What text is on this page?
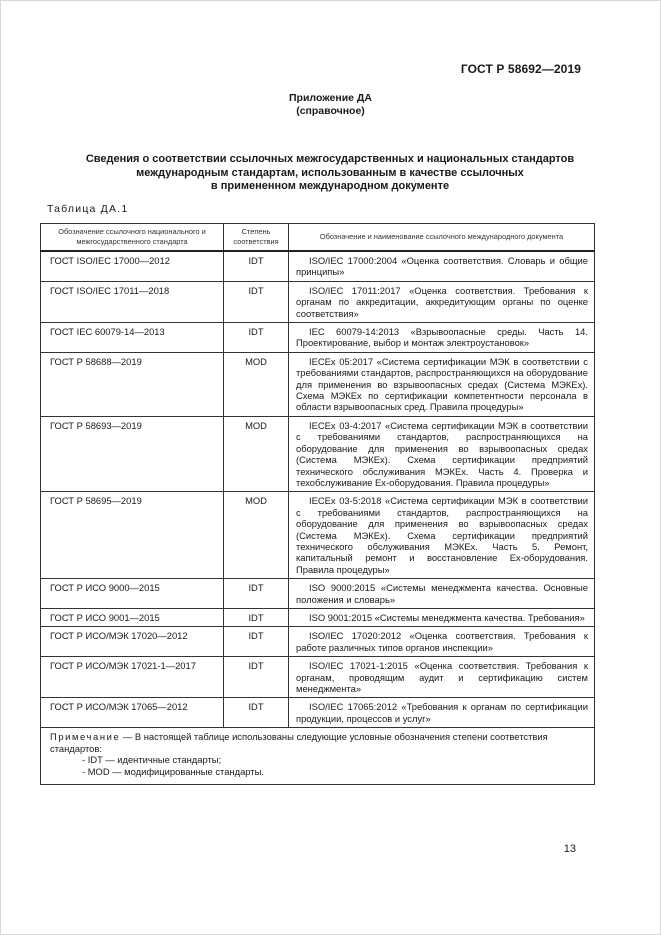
ГОСТ Р 58692—2019
Приложение ДА
(справочное)
Сведения о соответствии ссылочных межгосударственных и национальных стандартов
международным стандартам, использованным в качестве ссылочных
в примененном международном документе
Таблица ДА.1
Обозначение ссылочного национального и межгосударственного стандарта	Степень соответствия	Обозначение и наименование ссылочного международного документа
ГОСТ ISO/IEC 17000—2012	IDT	ISO/IEC 17000:2004 «Оценка соответствия. Словарь и общие принципы»

ГОСТ ISO/IEC 17011—2018	IDT	ISO/IEC 17011:2017 «Оценка соответствия. Требования к органам по аккредитации, аккредитующим органы по оценке соответствия»

ГОСТ IEC 60079-14—2013	IDT	IEC 60079-14:2013 «Взрывоопасные среды. Часть 14. Проектирование, выбор и монтаж электроустановок»

ГОСТ Р 58688—2019	MOD	IECEx 05:2017 «Система сертификации МЭК в соответствии с требованиями стандартов, распространяющихся на оборудование для применения во взрывоопасных средах (Система МЭКЕх). Схема МЭКЕх по сертификации компетентности персонала в области взрывоопасных сред. Правила процедуры»

ГОСТ Р 58693—2019	MOD	IECEx 03-4:2017 «Система сертификации МЭК в соответствии с требованиями стандартов, распространяющихся на оборудование для применения во взрывоопасных средах (Система МЭКЕх). Схема сертификации предприятий технического обслуживания МЭКЕх. Часть 4. Проверка и техобслуживание Ех-оборудования. Правила процедуры»

ГОСТ Р 58695—2019	MOD	IECEx 03-5:2018 «Система сертификации МЭК в соответствии с требованиями стандартов, распространяющихся на оборудование для применения во взрывоопасных средах (Система МЭКЕх). Схема сертификации предприятий технического обслуживания МЭКЕх. Часть 5. Ремонт, капитальный ремонт и восстановление Ех-оборудования. Правила процедуры»

ГОСТ Р ИСО 9000—2015	IDT	ISO 9000:2015 «Системы менеджмента качества. Основные положения и словарь»

ГОСТ Р ИСО 9001—2015	IDT	ISO 9001:2015 «Системы менеджмента качества. Требования»

ГОСТ Р ИСО/МЭК 17020—2012	IDT	ISO/IEC 17020:2012 «Оценка соответствия. Требования к работе различных типов органов инспекции»

ГОСТ Р ИСО/МЭК 17021-1—2017	IDT	ISO/IEC 17021-1:2015 «Оценка соответствия. Требования к органам, проводящим аудит и сертификацию систем менеджмента»

ГОСТ Р ИСО/МЭК 17065—2012	IDT	ISO/IEC 17065:2012 «Требования к органам по сертификации продукции, процессов и услуг»

Примечание — В настоящей таблице использованы следующие условные обозначения степени соответствия стандартов:
- IDT — идентичные стандарты;
- MOD — модифицированные стандарты.		
13
